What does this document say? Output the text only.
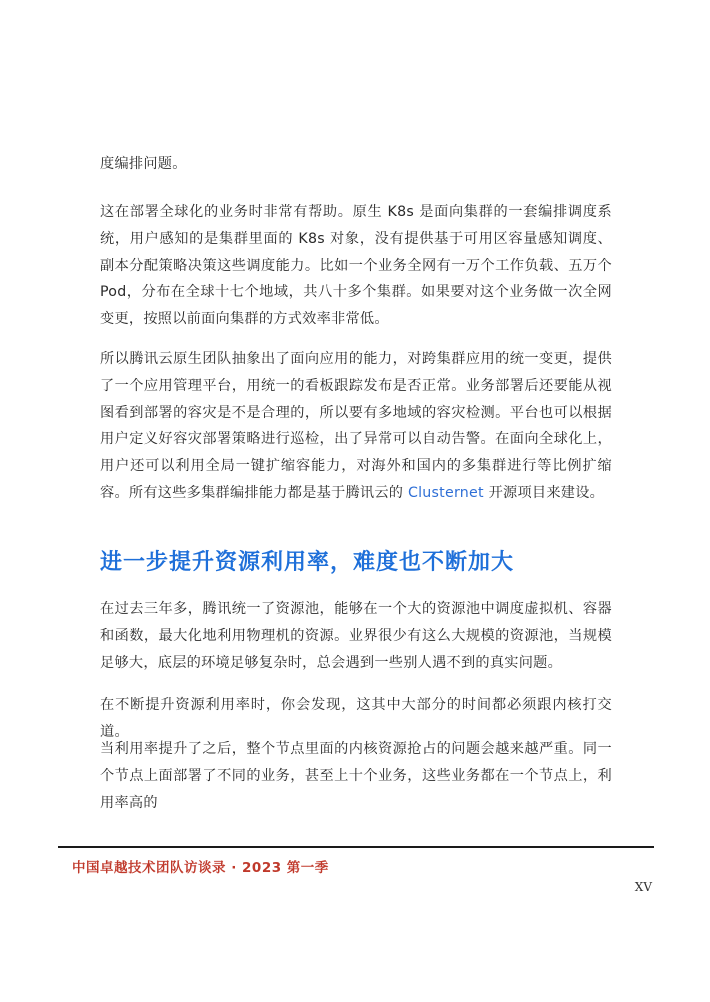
度编排问题。

这在部署全球化的业务时非常有帮助。原生 K8s 是面向集群的一套编排调度系统，用户感知的是集群里面的 K8s 对象，没有提供基于可用区容量感知调度、副本分配策略决策这些调度能力。比如一个业务全网有一万个工作负载、五万个 Pod，分布在全球十七个地域，共八十多个集群。如果要对这个业务做一次全网变更，按照以前面向集群的方式效率非常低。

所以腾讯云原生团队抽象出了面向应用的能力，对跨集群应用的统一变更，提供了一个应用管理平台，用统一的看板跟踪发布是否正常。业务部署后还要能从视图看到部署的容灾是不是合理的，所以要有多地域的容灾检测。平台也可以根据用户定义好容灾部署策略进行巡检，出了异常可以自动告警。在面向全球化上，用户还可以利用全局一键扩缩容能力，对海外和国内的多集群进行等比例扩缩容。所有这些多集群编排能力都是基于腾讯云的 Clusternet 开源项目来建设。

进一步提升资源利用率，难度也不断加大

在过去三年多，腾讯统一了资源池，能够在一个大的资源池中调度虚拟机、容器和函数，最大化地利用物理机的资源。业界很少有这么大规模的资源池，当规模足够大，底层的环境足够复杂时，总会遇到一些别人遇不到的真实问题。

在不断提升资源利用率时，你会发现，这其中大部分的时间都必须跟内核打交道。

当利用率提升了之后，整个节点里面的内核资源抢占的问题会越来越严重。同一个节点上面部署了不同的业务，甚至上十个业务，这些业务都在一个节点上，利用率高的

中国卓越技术团队访谈录 · 2023 第一季
XV
